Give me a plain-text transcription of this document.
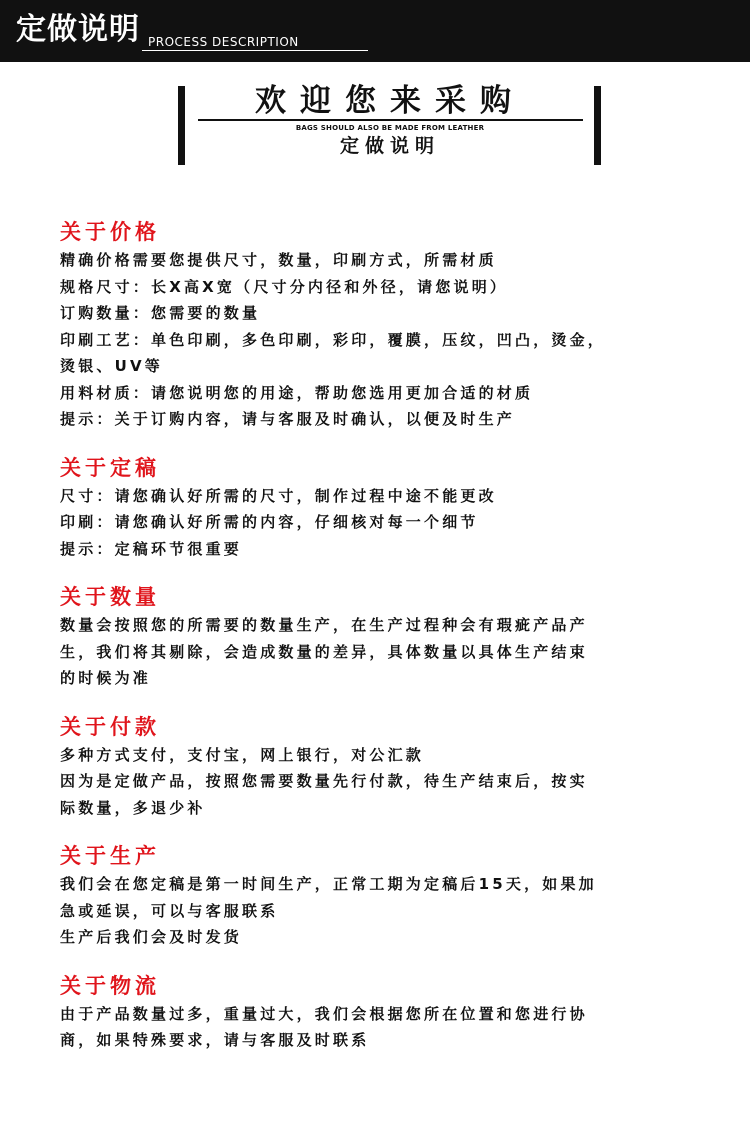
定做说明 PROCESS DESCRIPTION
欢迎您来采购
BAGS SHOULD ALSO BE MADE FROM LEATHER
定做说明
关于价格
精确价格需要您提供尺寸，数量，印刷方式，所需材质
规格尺寸：长X高X宽（尺寸分内径和外径，请您说明）
订购数量：您需要的数量
印刷工艺：单色印刷，多色印刷，彩印，覆膜，压纹，凹凸，烫金，
烫银、UV等
用料材质：请您说明您的用途，帮助您选用更加合适的材质
提示：关于订购内容，请与客服及时确认，以便及时生产
关于定稿
尺寸：请您确认好所需的尺寸，制作过程中途不能更改
印刷：请您确认好所需的内容，仔细核对每一个细节
提示：定稿环节很重要
关于数量
数量会按照您的所需要的数量生产，在生产过程种会有瑕疵产品产
生，我们将其剔除，会造成数量的差异，具体数量以具体生产结束
的时候为准
关于付款
多种方式支付，支付宝，网上银行，对公汇款
因为是定做产品，按照您需要数量先行付款，待生产结束后，按实
际数量，多退少补
关于生产
我们会在您定稿是第一时间生产，正常工期为定稿后15天，如果加
急或延误，可以与客服联系
生产后我们会及时发货
关于物流
由于产品数量过多，重量过大，我们会根据您所在位置和您进行协
商，如果特殊要求，请与客服及时联系
